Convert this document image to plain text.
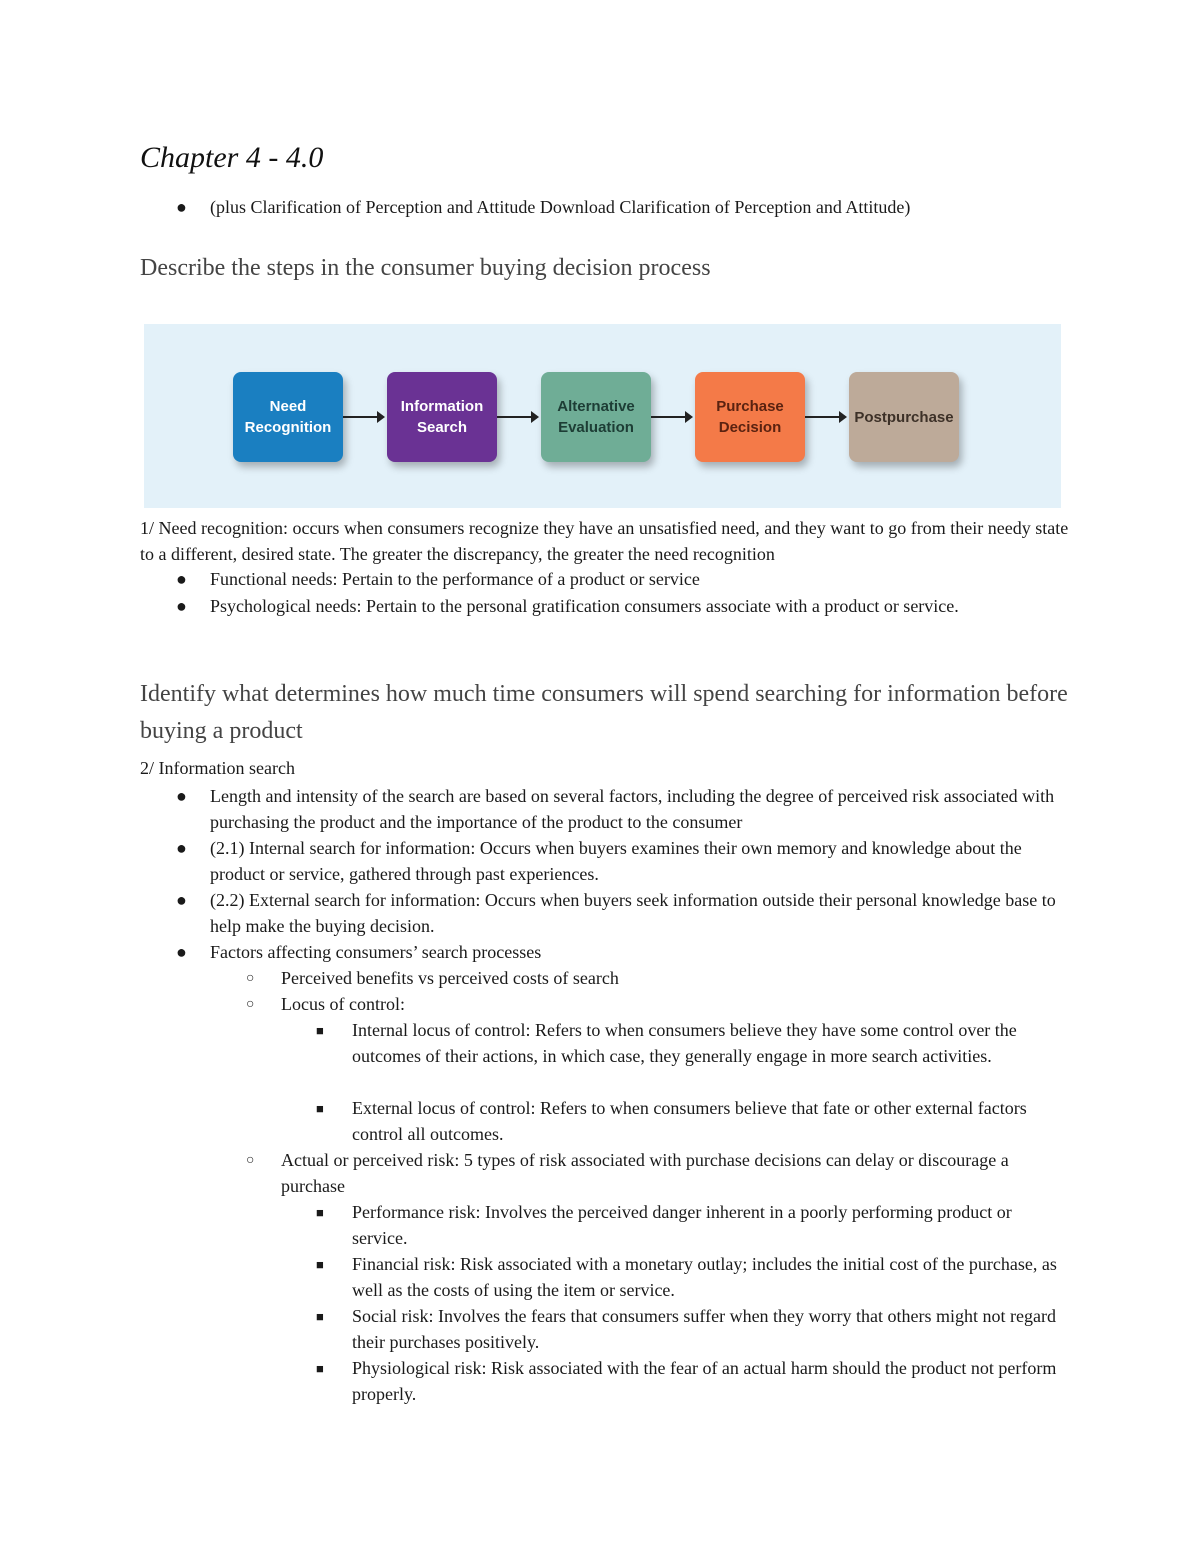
Chapter 4 - 4.0
● (plus Clarification of Perception and Attitude Download Clarification of Perception and Attitude)
Describe the steps in the consumer buying decision process
Need Recognition
Information Search
Alternative Evaluation
Purchase Decision
Postpurchase
1/ Need recognition: occurs when consumers recognize they have an unsatisfied need, and they want to go from their needy state to a different, desired state. The greater the discrepancy, the greater the need recognition
● Functional needs: Pertain to the performance of a product or service
● Psychological needs: Pertain to the personal gratification consumers associate with a product or service.
Identify what determines how much time consumers will spend searching for information before buying a product
2/ Information search
● Length and intensity of the search are based on several factors, including the degree of perceived risk associated with purchasing the product and the importance of the product to the consumer
● (2.1) Internal search for information: Occurs when buyers examines their own memory and knowledge about the product or service, gathered through past experiences.
● (2.2) External search for information: Occurs when buyers seek information outside their personal knowledge base to help make the buying decision.
● Factors affecting consumers’ search processes
○ Perceived benefits vs perceived costs of search
○ Locus of control:
■ Internal locus of control: Refers to when consumers believe they have some control over the outcomes of their actions, in which case, they generally engage in more search activities.
■ External locus of control: Refers to when consumers believe that fate or other external factors control all outcomes.
○ Actual or perceived risk: 5 types of risk associated with purchase decisions can delay or discourage a purchase
■ Performance risk: Involves the perceived danger inherent in a poorly performing product or service.
■ Financial risk: Risk associated with a monetary outlay; includes the initial cost of the purchase, as well as the costs of using the item or service.
■ Social risk: Involves the fears that consumers suffer when they worry that others might not regard their purchases positively.
■ Physiological risk: Risk associated with the fear of an actual harm should the product not perform properly.
